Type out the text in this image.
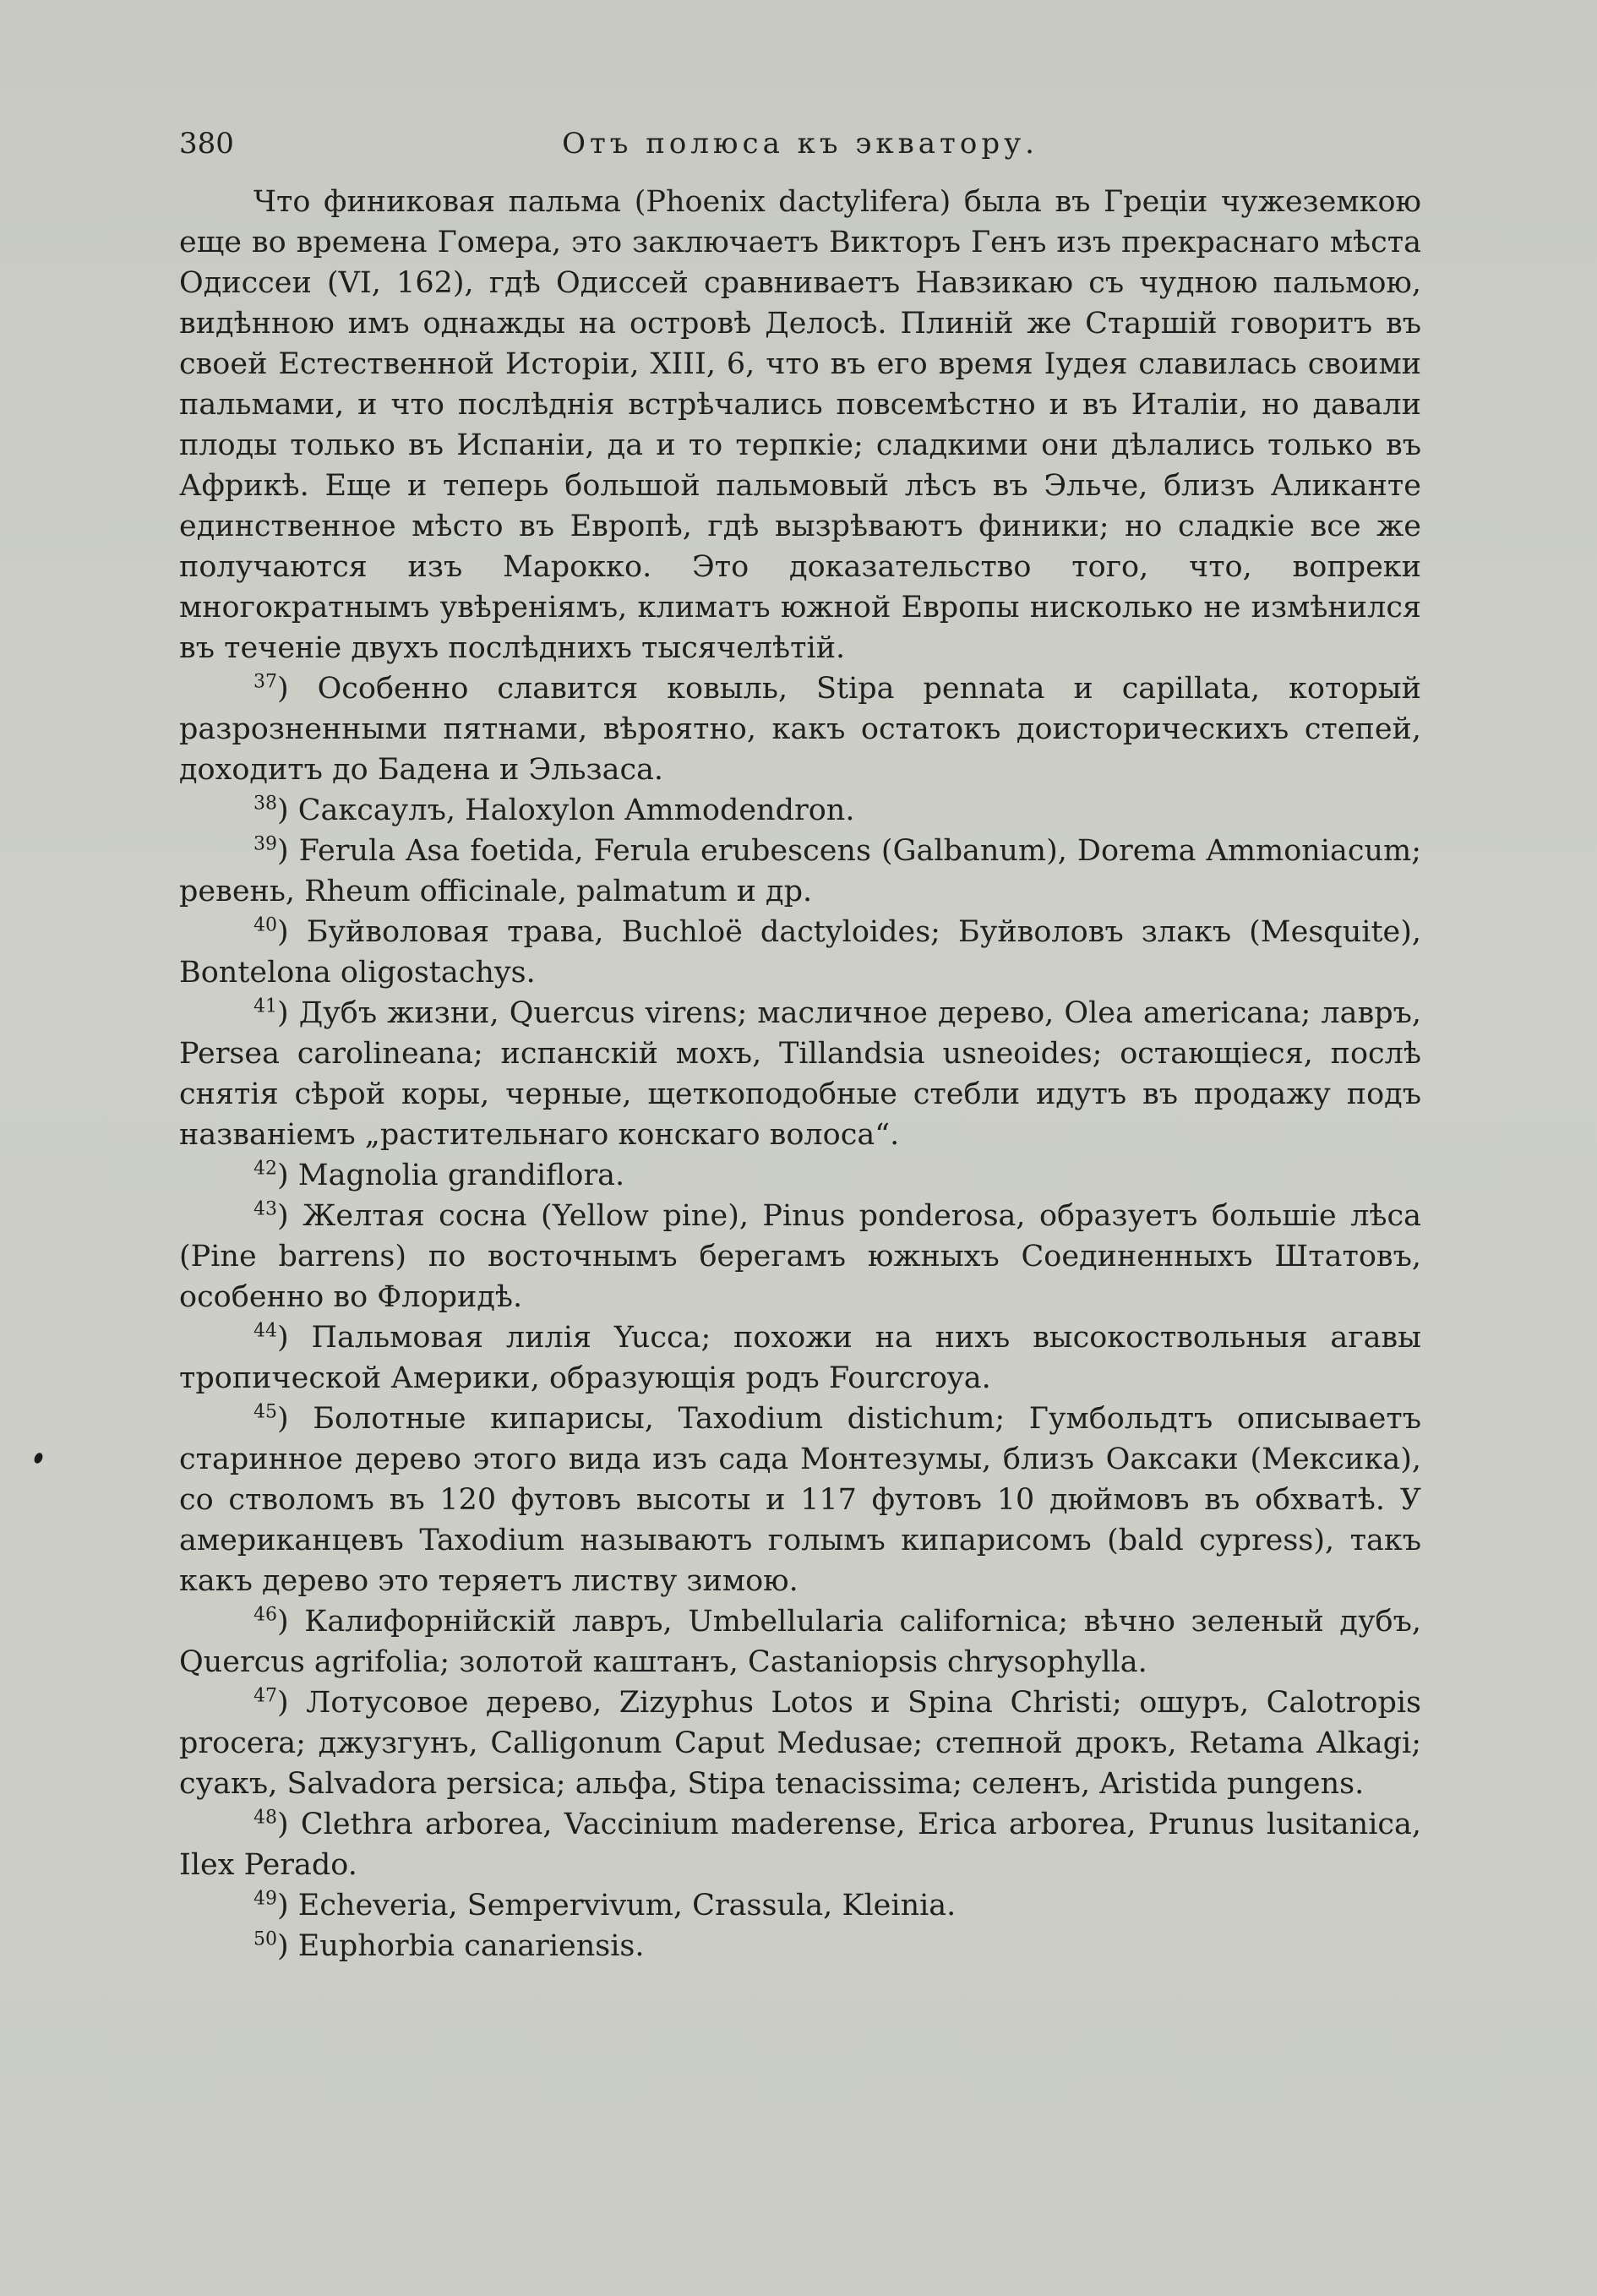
380	Отъ полюса къ экватору.

Что финиковая пальма (Phoenix dactylifera) была въ Греціи чужеземкою еще во времена Гомера, это заключаетъ Викторъ Генъ изъ прекраснаго мѣста Одиссеи (VI, 162), гдѣ Одиссей сравниваетъ Навзикаю съ чудною пальмою, видѣнною имъ однажды на островѣ Делосѣ. Плиній же Старшій говоритъ въ своей Естественной Исторіи, XIII, 6, что въ его время Іудея славилась своими пальмами, и что послѣднія встрѣчались повсемѣстно и въ Италіи, но давали плоды только въ Испаніи, да и то терпкіе; сладкими они дѣлались только въ Африкѣ. Еще и теперь большой пальмовый лѣсъ въ Эльче, близъ Аликанте единственное мѣсто въ Европѣ, гдѣ вызрѣваютъ финики; но сладкіе все же получаются изъ Марокко. Это доказательство того, что, вопреки многократнымъ увѣреніямъ, климатъ южной Европы нисколько не измѣнился въ теченіе двухъ послѣднихъ тысячелѣтій.

$^{37}$) Особенно славится ковыль, Stipa pennata и capillata, который разрозненными пятнами, вѣроятно, какъ остатокъ доисторическихъ степей, доходитъ до Бадена и Эльзаса.

$^{38}$) Саксаулъ, Haloxylon Ammodendron.

$^{39}$) Ferula Asa foetida, Ferula erubescens (Galbanum), Dorema Ammoniacum; ревень, Rheum officinale, palmatum и др.

$^{40}$) Буйволовая трава, Buchloë dactyloides; Буйволовъ злакъ (Mesquite), Bontelona oligostachys.

$^{41}$) Дубъ жизни, Quercus virens; масличное дерево, Olea americana; лавръ, Persea carolineana; испанскій мохъ, Tillandsia usneoides; остающіеся, послѣ снятія сѣрой коры, черные, щеткоподобные стебли идутъ въ продажу подъ названіемъ „растительнаго конскаго волоса“.

$^{42}$) Magnolia grandiflora.

$^{43}$) Желтая сосна (Yellow pine), Pinus ponderosa, образуетъ большіе лѣса (Pine barrens) по восточнымъ берегамъ южныхъ Соединенныхъ Штатовъ, особенно во Флоридѣ.

$^{44}$) Пальмовая лилія Yucca; похожи на нихъ высокоствольныя агавы тропической Америки, образующія родъ Fourcroya.

$^{45}$) Болотные кипарисы, Taxodium distichum; Гумбольдтъ описываетъ старинное дерево этого вида изъ сада Монтезумы, близъ Оаксаки (Мексика), со стволомъ въ 120 футовъ высоты и 117 футовъ 10 дюймовъ въ обхватѣ. У американцевъ Taxodium называютъ голымъ кипарисомъ (bald cypress), такъ какъ дерево это теряетъ листву зимою.

$^{46}$) Калифорнійскій лавръ, Umbellularia californica; вѣчно зеленый дубъ, Quercus agrifolia; золотой каштанъ, Castaniopsis chrysophylla.

$^{47}$) Лотусовое дерево, Zizyphus Lotos и Spina Christi; ошуръ, Calotropis procera; джузгунъ, Calligonum Caput Medusae; степной дрокъ, Retama Alkagi; суакъ, Salvadora persica; альфа, Stipa tenacissima; селенъ, Aristida pungens.

$^{48}$) Clethra arborea, Vaccinium maderense, Erica arborea, Prunus lusitanica, Ilex Perado.

$^{49}$) Echeveria, Sempervivum, Crassula, Kleinia.

$^{50}$) Euphorbia canariensis.
